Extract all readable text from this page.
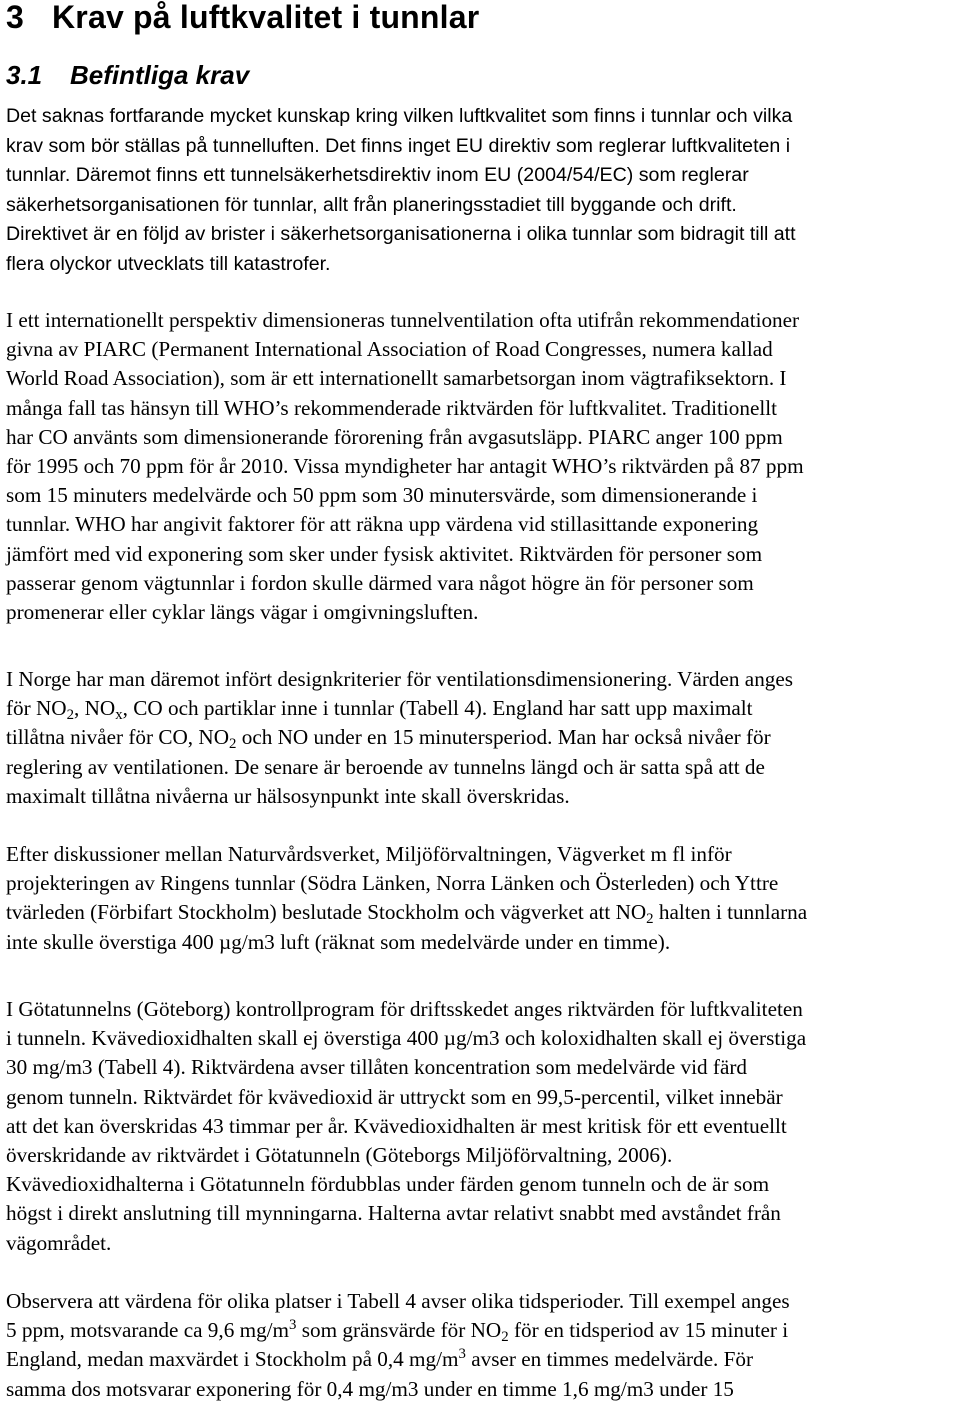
3 Krav på luftkvalitet i tunnlar
3.1 Befintliga krav
Det saknas fortfarande mycket kunskap kring vilken luftkvalitet som finns i tunnlar och vilka
krav som bör ställas på tunnelluften. Det finns inget EU direktiv som reglerar luftkvaliteten i
tunnlar. Däremot finns ett tunnelsäkerhetsdirektiv inom EU (2004/54/EC) som reglerar
säkerhetsorganisationen för tunnlar, allt från planeringsstadiet till byggande och drift.
Direktivet är en följd av brister i säkerhetsorganisationerna i olika tunnlar som bidragit till att
flera olyckor utvecklats till katastrofer.
I ett internationellt perspektiv dimensioneras tunnelventilation ofta utifrån rekommendationer
givna av PIARC (Permanent International Association of Road Congresses, numera kallad
World Road Association), som är ett internationellt samarbetsorgan inom vägtrafiksektorn. I
många fall tas hänsyn till WHO’s rekommenderade riktvärden för luftkvalitet. Traditionellt
har CO använts som dimensionerande förorening från avgasutsläpp. PIARC anger 100 ppm
för 1995 och 70 ppm för år 2010. Vissa myndigheter har antagit WHO’s riktvärden på 87 ppm
som 15 minuters medelvärde och 50 ppm som 30 minutersvärde, som dimensionerande i
tunnlar. WHO har angivit faktorer för att räkna upp värdena vid stillasittande exponering
jämfört med vid exponering som sker under fysisk aktivitet. Riktvärden för personer som
passerar genom vägtunnlar i fordon skulle därmed vara något högre än för personer som
promenerar eller cyklar längs vägar i omgivningsluften.
I Norge har man däremot infört designkriterier för ventilationsdimensionering. Värden anges
för $NO_2$, $NO_x$, CO och partiklar inne i tunnlar (Tabell 4). England har satt upp maximalt
tillåtna nivåer för CO, $NO_2$ och NO under en 15 minutersperiod. Man har också nivåer för
reglering av ventilationen. De senare är beroende av tunnelns längd och är satta spå att de
maximalt tillåtna nivåerna ur hälsosynpunkt inte skall överskridas.
Efter diskussioner mellan Naturvårdsverket, Miljöförvaltningen, Vägverket m fl inför
projekteringen av Ringens tunnlar (Södra Länken, Norra Länken och Österleden) och Yttre
tvärleden (Förbifart Stockholm) beslutade Stockholm och vägverket att $NO_2$ halten i tunnlarna
inte skulle överstiga 400 µg/m3 luft (räknat som medelvärde under en timme).
I Götatunnelns (Göteborg) kontrollprogram för driftsskedet anges riktvärden för luftkvaliteten
i tunneln. Kvävedioxidhalten skall ej överstiga 400 µg/m3 och koloxidhalten skall ej överstiga
30 mg/m3 (Tabell 4). Riktvärdena avser tillåten koncentration som medelvärde vid färd
genom tunneln. Riktvärdet för kvävedioxid är uttryckt som en 99,5-percentil, vilket innebär
att det kan överskridas 43 timmar per år. Kvävedioxidhalten är mest kritisk för ett eventuellt
överskridande av riktvärdet i Götatunneln (Göteborgs Miljöförvaltning, 2006).
Kvävedioxidhalterna i Götatunneln fördubblas under färden genom tunneln och de är som
högst i direkt anslutning till mynningarna. Halterna avtar relativt snabbt med avståndet från
vägområdet.
Observera att värdena för olika platser i Tabell 4 avser olika tidsperioder. Till exempel anges
5 ppm, motsvarande ca 9,6 $mg/m^3$ som gränsvärde för $NO_2$ för en tidsperiod av 15 minuter i
England, medan maxvärdet i Stockholm på 0,4 $mg/m^3$ avser en timmes medelvärde. För
samma dos motsvarar exponering för 0,4 mg/m3 under en timme 1,6 mg/m3 under 15
